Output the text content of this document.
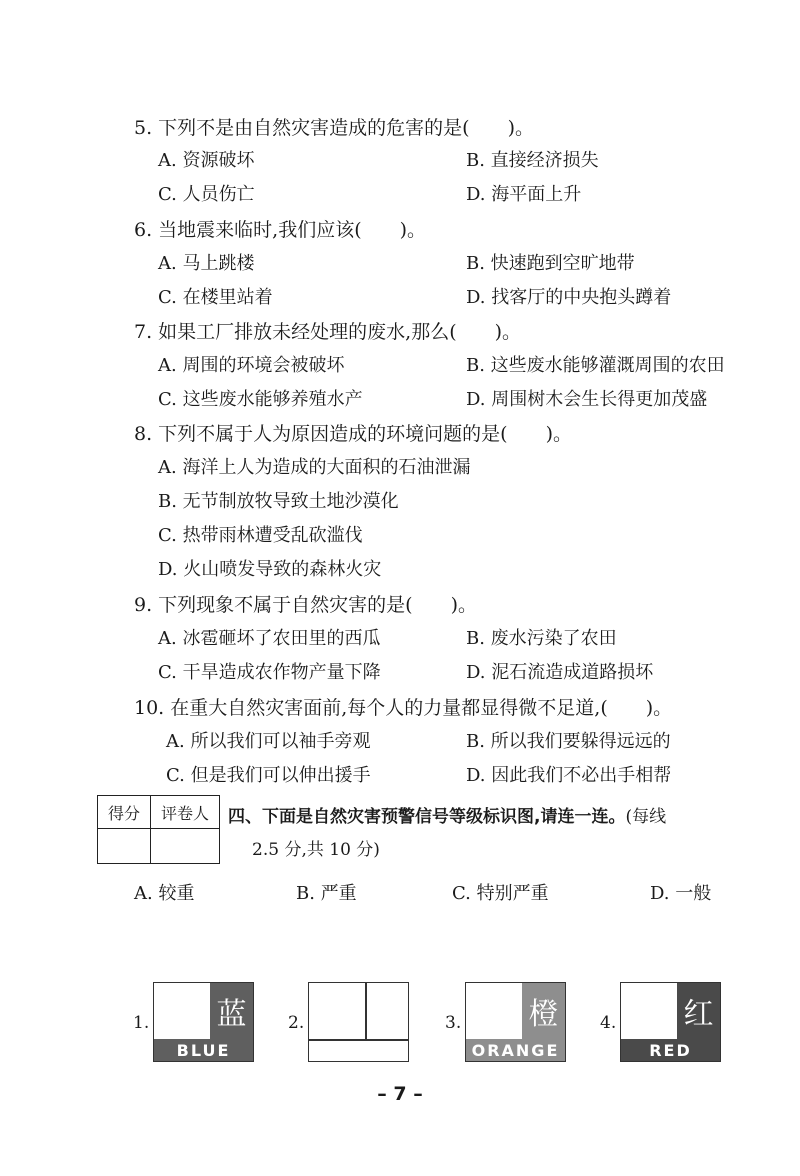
5. 下列不是由自然灾害造成的危害的是(　　)。
A. 资源破坏	B. 直接经济损失
C. 人员伤亡	D. 海平面上升
6. 当地震来临时,我们应该(　　)。
A. 马上跳楼	B. 快速跑到空旷地带
C. 在楼里站着	D. 找客厅的中央抱头蹲着
7. 如果工厂排放未经处理的废水,那么(　　)。
A. 周围的环境会被破坏	B. 这些废水能够灌溉周围的农田
C. 这些废水能够养殖水产	D. 周围树木会生长得更加茂盛
8. 下列不属于人为原因造成的环境问题的是(　　)。
A. 海洋上人为造成的大面积的石油泄漏
B. 无节制放牧导致土地沙漠化
C. 热带雨林遭受乱砍滥伐
D. 火山喷发导致的森林火灾
9. 下列现象不属于自然灾害的是(　　)。
A. 冰雹砸坏了农田里的西瓜	B. 废水污染了农田
C. 干旱造成农作物产量下降	D. 泥石流造成道路损坏
10. 在重大自然灾害面前,每个人的力量都显得微不足道,(　　)。
A. 所以我们可以袖手旁观	B. 所以我们要躲得远远的
C. 但是我们可以伸出援手	D. 因此我们不必出手相帮
得分	评卷人
	四、下面是自然灾害预警信号等级标识图,请连一连。(每线
2.5 分,共 10 分)
A. 较重	B. 严重	C. 特别严重	D. 一般
1. 蓝
BLUE
2.	3. 橙
ORANGE
4. 红
RED
– 7 –
